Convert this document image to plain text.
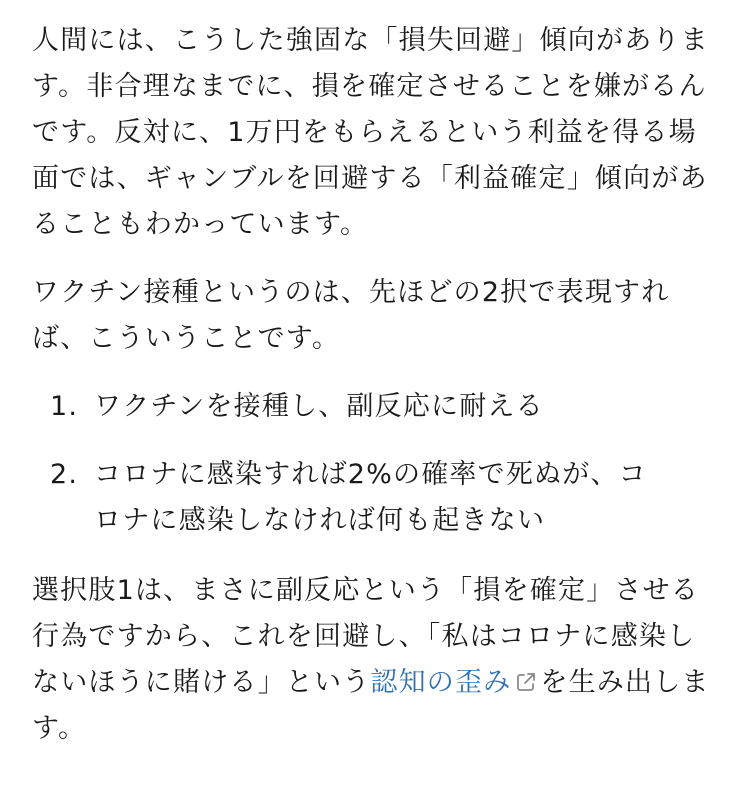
人間には、こうした強固な「損失回避」傾向がありま
す。非合理なまでに、損を確定させることを嫌がるん
です。反対に、1万円をもらえるという利益を得る場
面では、ギャンブルを回避する「利益確定」傾向があ
ることもわかっています。

ワクチン接種というのは、先ほどの2択で表現すれ
ば、こういうことです。

1. ワクチンを接種し、副反応に耐える
2. コロナに感染すれば2%の確率で死ぬが、コ
ロナに感染しなければ何も起きない

選択肢1は、まさに副反応という「損を確定」させる
行為ですから、これを回避し、「私はコロナに感染し
ないほうに賭ける」という認知の歪み を生み出しま
す。
